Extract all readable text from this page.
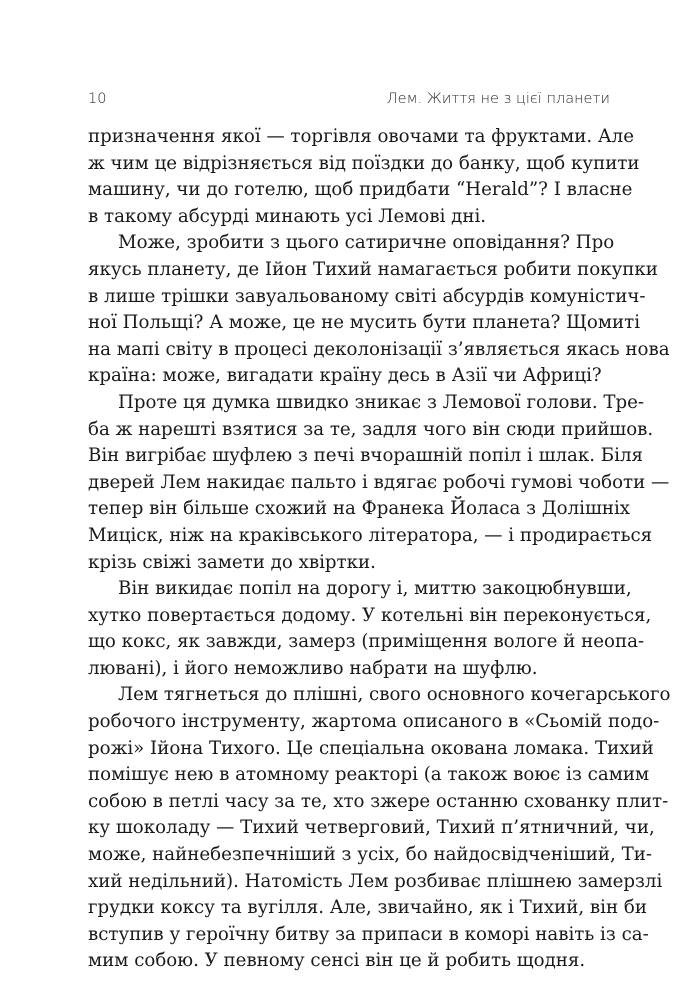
10	Лем. Життя не з цієї планети

призначення якої — торгівля овочами та фруктами. Але
ж чим це відрізняється від поїздки до банку, щоб купити
машину, чи до готелю, щоб придбати “Herald”? І власне
в такому абсурді минають усі Лемові дні.

Може, зробити з цього сатиричне оповідання? Про
якусь планету, де Ійон Тихий намагається робити покупки
в лише трішки завуальованому світі абсурдів комуністич-
ної Польщі? А може, це не мусить бути планета? Щомиті
на мапі світу в процесі деколонізації з’являється якась нова
країна: може, вигадати країну десь в Азії чи Африці?

Проте ця думка швидко зникає з Лемової голови. Тре-
ба ж нарешті взятися за те, задля чого він сюди прийшов.
Він вигрібає шуфлею з печі вчорашній попіл і шлак. Біля
дверей Лем накидає пальто і вдягає робочі гумові чоботи —
тепер він більше схожий на Франека Йоласа з Долішніх
Мицiск, ніж на краківського літератора, — і продирається
крізь свіжі замети до хвіртки.

Він викидає попіл на дорогу і, миттю закоцюбнувши,
хутко повертається додому. У котельні він переконується,
що кокс, як завжди, замерз (приміщення вологе й неопа-
лювані), і його неможливо набрати на шуфлю.

Лем тягнеться до плішні, свого основного кочегарського
робочого інструменту, жартома описаного в «Сьомій подо-
рожі» Ійона Тихого. Це спеціальна окована ломака. Тихий
помішує нею в атомному реакторі (а також воює із самим
собою в петлі часу за те, хто зжере останню схованку плит-
ку шоколаду — Тихий четверговий, Тихий п’ятничний, чи,
може, найнебезпечніший з усіх, бо найдосвідченіший, Ти-
хий недільний). Натомість Лем розбиває плішнею замерзлі
грудки коксу та вугілля. Але, звичайно, як і Тихий, він би
вступив у героїчну битву за припаси в коморі навіть із са-
мим собою. У певному сенсі він це й робить щодня.
